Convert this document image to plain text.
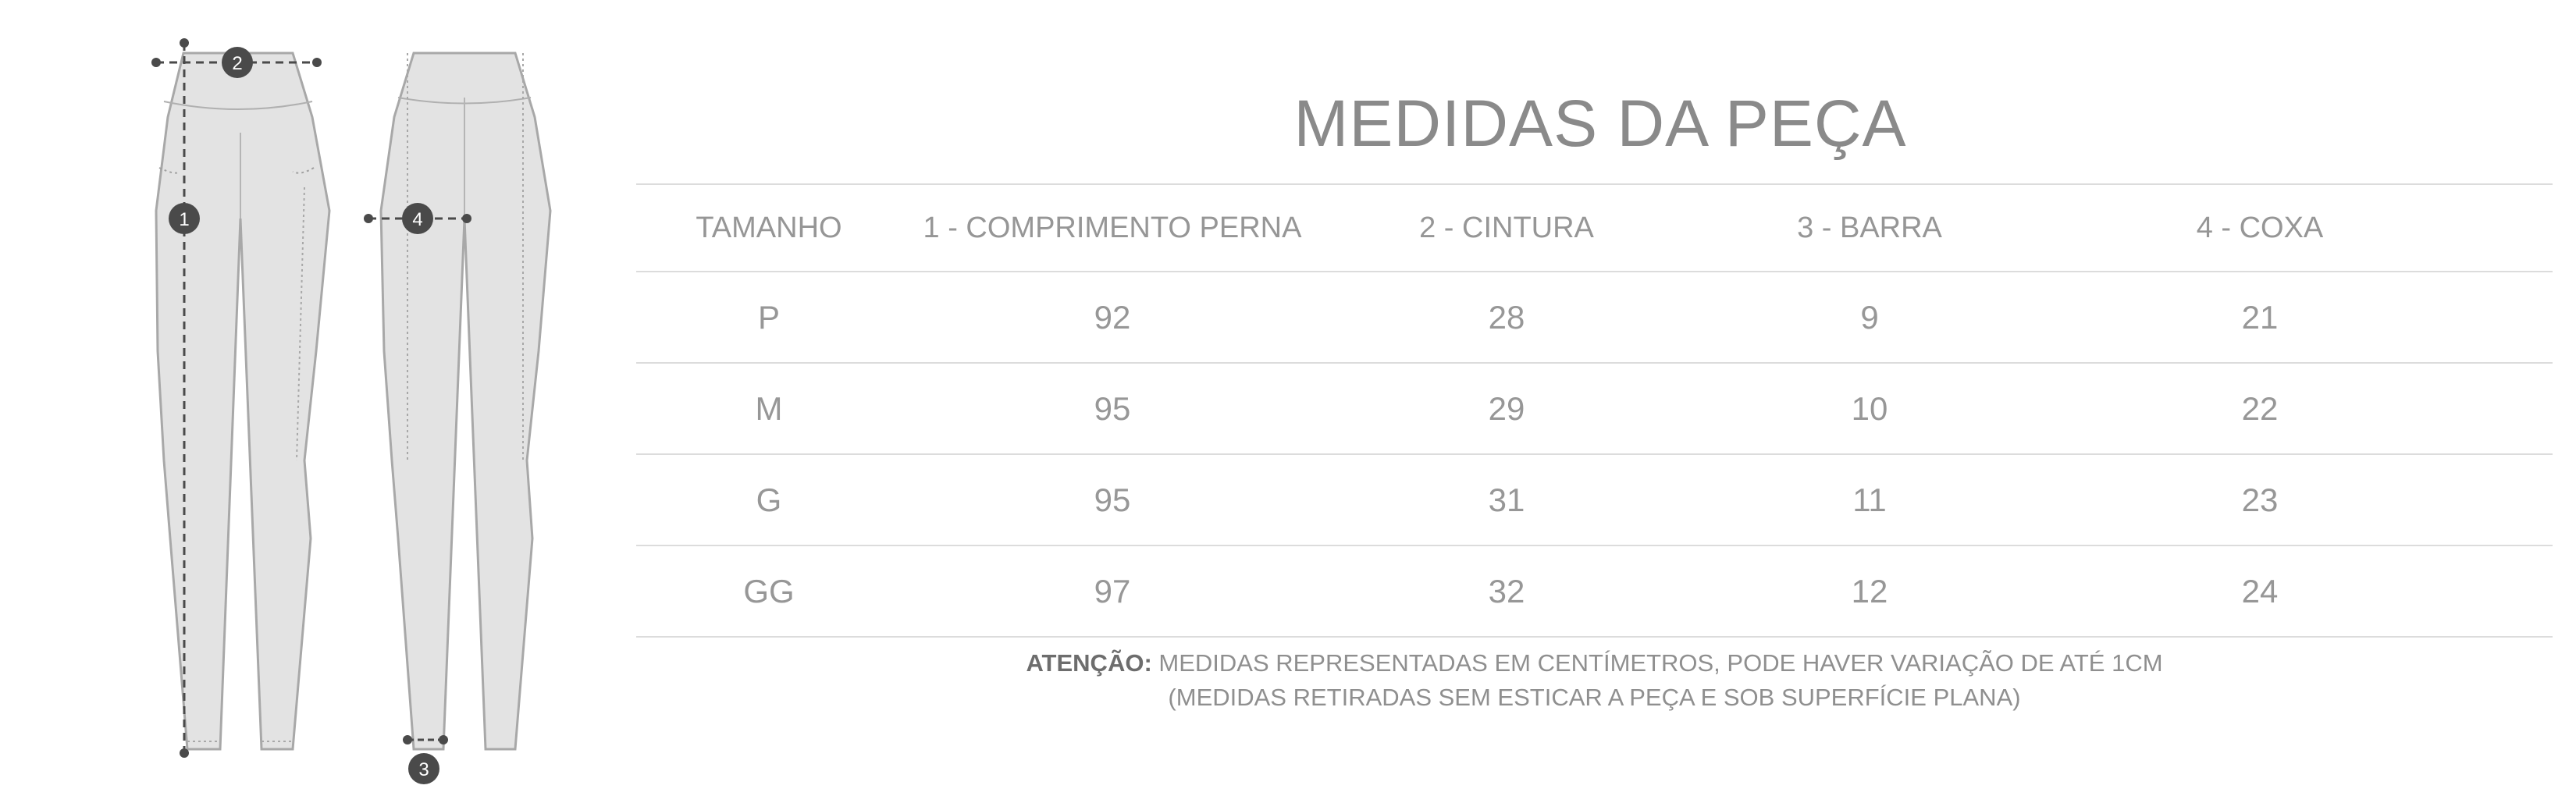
1
2
3
4
MEDIDAS DA PEÇA
TAMANHO	1 - COMPRIMENTO PERNA	2 - CINTURA	3 - BARRA	4 - COXA
P	92	28	9	21
M	95	29	10	22
G	95	31	11	23
GG	97	32	12	24
ATENÇÃO: MEDIDAS REPRESENTADAS EM CENTÍMETROS, PODE HAVER VARIAÇÃO DE ATÉ 1CM
(MEDIDAS RETIRADAS SEM ESTICAR A PEÇA E SOB SUPERFÍCIE PLANA)
